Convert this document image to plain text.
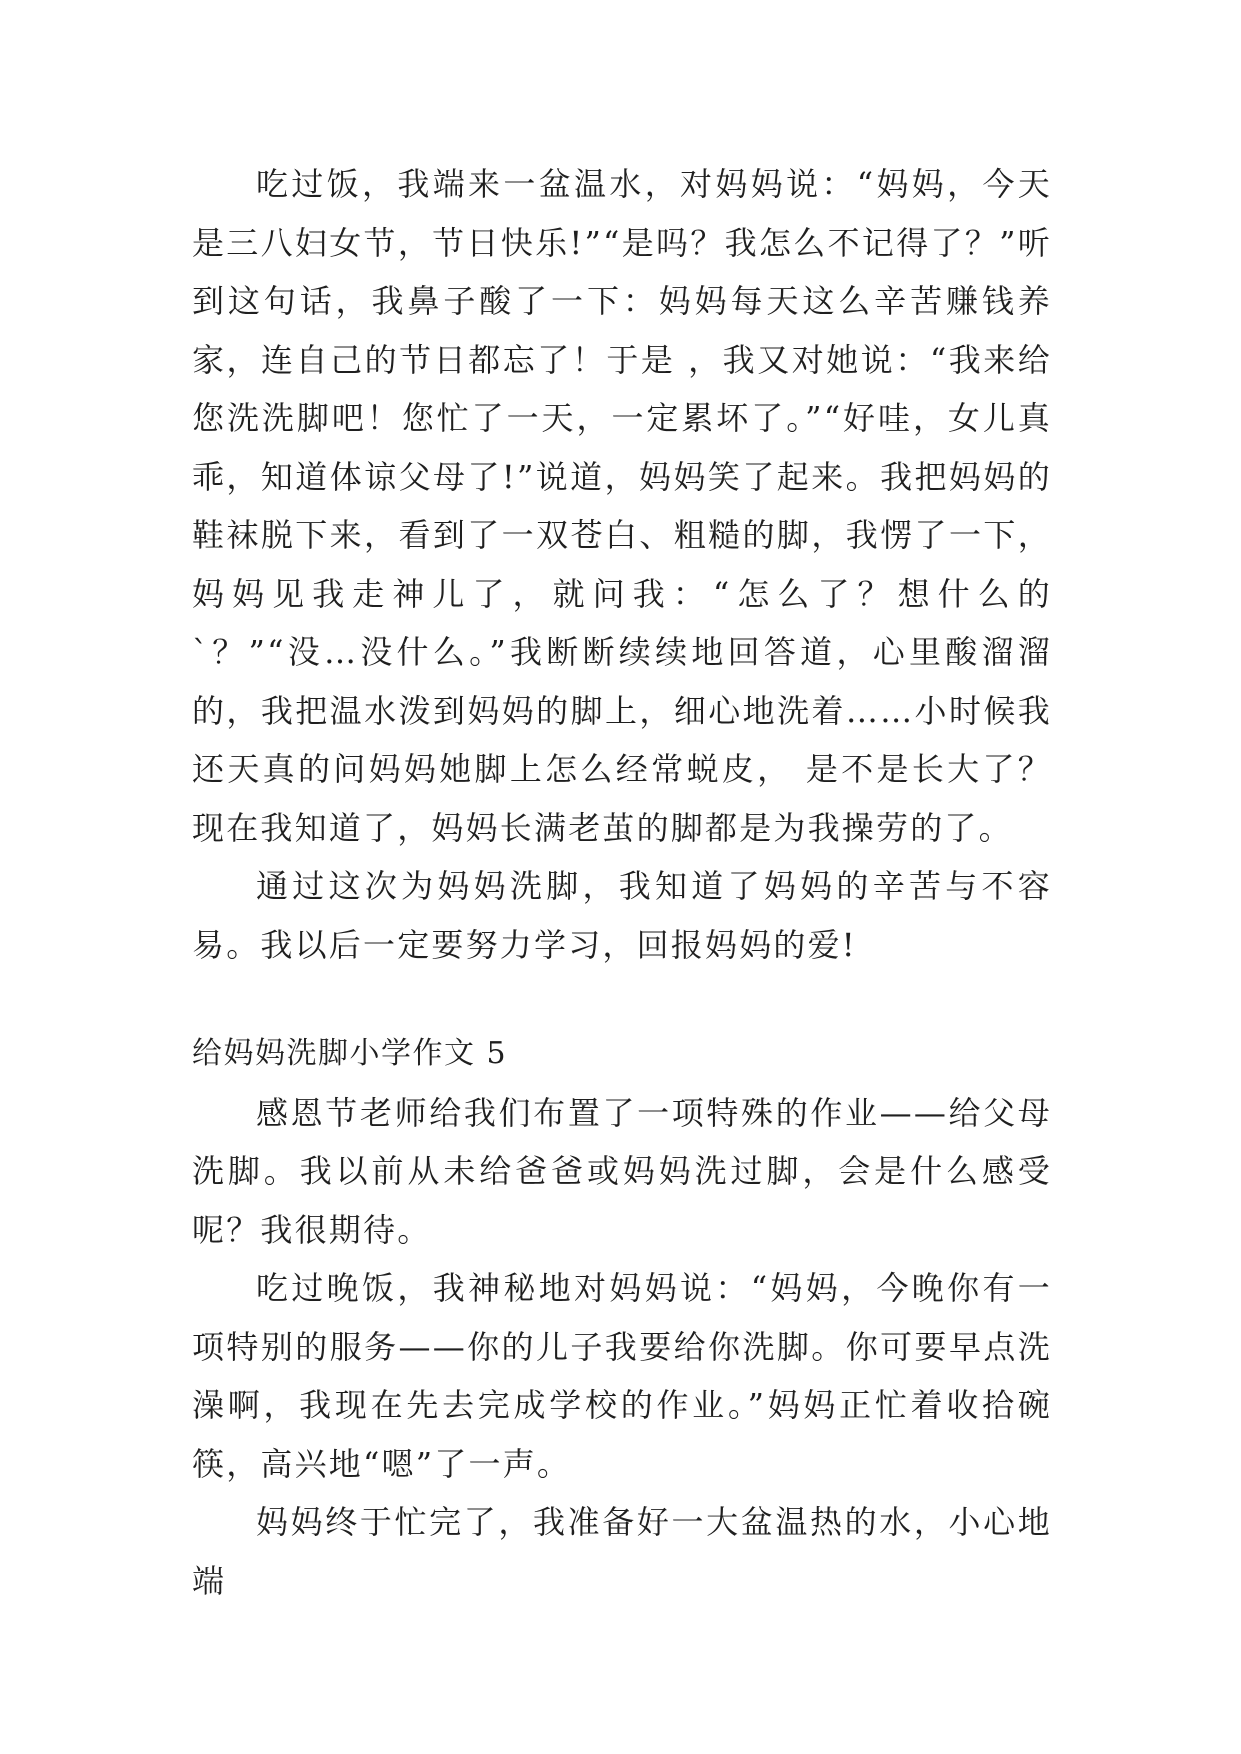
吃过饭，我端来一盆温水，对妈妈说：“妈妈，今天是三八妇女节，节日快乐!”“是吗？我怎么不记得了？”听到这句话，我鼻子酸了一下：妈妈每天这么辛苦赚钱养家，连自己的节日都忘了！于是 ，我又对她说：“我来给您洗洗脚吧！您忙了一天，一定累坏了。”“好哇，女儿真乖，知道体谅父母了!”说道，妈妈笑了起来。我把妈妈的鞋袜脱下来，看到了一双苍白、粗糙的脚，我愣了一下， 妈妈见我走神儿了，就问我：“怎么了？想什么的`？”“没…没什么。”我断断续续地回答道，心里酸溜溜的，我把温水泼到妈妈的脚上，细心地洗着……小时候我还天真的问妈妈她脚上怎么经常蜕皮， 是不是长大了？现在我知道了，妈妈长满老茧的脚都是为我操劳的了。

通过这次为妈妈洗脚，我知道了妈妈的辛苦与不容易。我以后一定要努力学习，回报妈妈的爱!

给妈妈洗脚小学作文 5

感恩节老师给我们布置了一项特殊的作业——给父母洗脚。我以前从未给爸爸或妈妈洗过脚，会是什么感受呢？我很期待。

吃过晚饭，我神秘地对妈妈说：“妈妈，今晚你有一项特别的服务——你的儿子我要给你洗脚。你可要早点洗澡啊，我现在先去完成学校的作业。”妈妈正忙着收拾碗筷，高兴地“嗯”了一声。

妈妈终于忙完了，我准备好一大盆温热的水，小心地端
